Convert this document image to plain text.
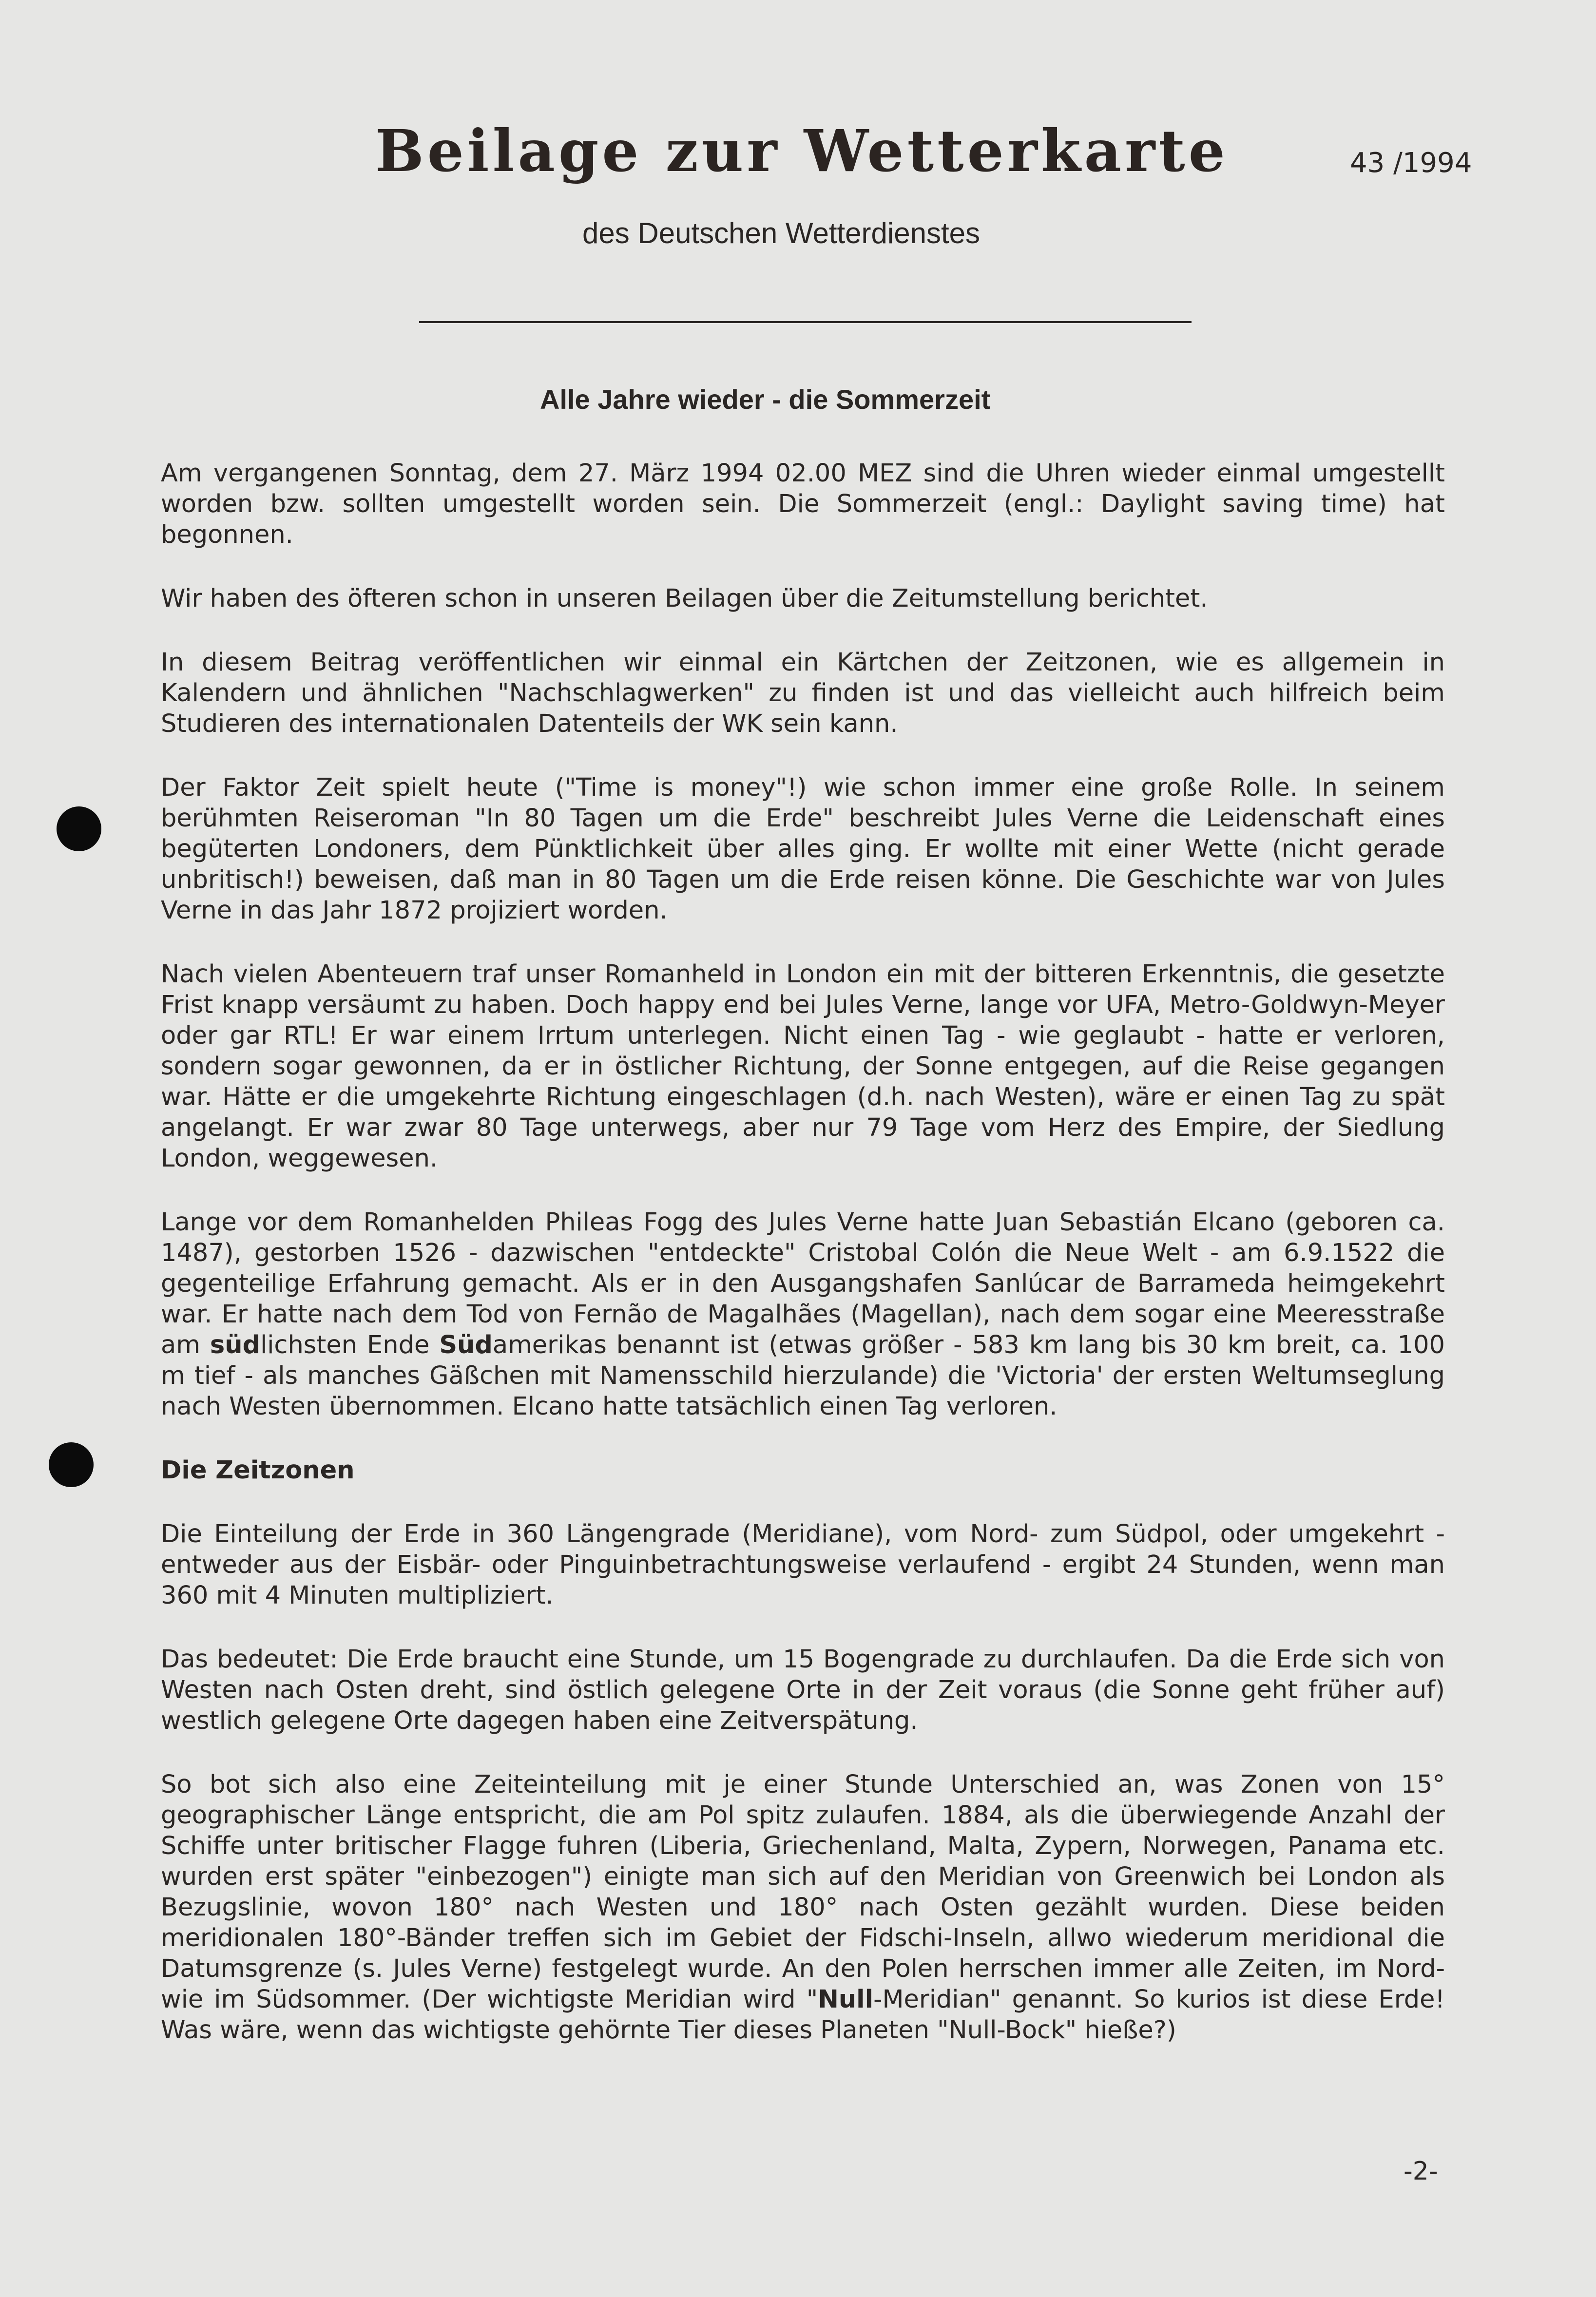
Beilage zur Wetterkarte	43 /1994
des Deutschen Wetterdienstes
Alle Jahre wieder - die Sommerzeit

Am vergangenen Sonntag, dem 27. März 1994 02.00 MEZ sind die Uhren wieder einmal umgestellt worden bzw. sollten umgestellt worden sein. Die Sommerzeit (engl.: Daylight saving time) hat begonnen.

Wir haben des öfteren schon in unseren Beilagen über die Zeitumstellung berichtet.

In diesem Beitrag veröffentlichen wir einmal ein Kärtchen der Zeitzonen, wie es allgemein in Kalendern und ähnlichen "Nachschlagwerken" zu finden ist und das vielleicht auch hilfreich beim Studieren des internationalen Datenteils der WK sein kann.

Der Faktor Zeit spielt heute ("Time is money"!) wie schon immer eine große Rolle. In seinem berühmten Reiseroman "In 80 Tagen um die Erde" beschreibt Jules Verne die Leidenschaft eines begüterten Londoners, dem Pünktlichkeit über alles ging. Er wollte mit einer Wette (nicht gerade unbritisch!) beweisen, daß man in 80 Tagen um die Erde reisen könne. Die Geschichte war von Jules Verne in das Jahr 1872 projiziert worden.

Nach vielen Abenteuern traf unser Romanheld in London ein mit der bitteren Erkenntnis, die gesetzte Frist knapp versäumt zu haben. Doch happy end bei Jules Verne, lange vor UFA, Metro-Goldwyn-Meyer oder gar RTL! Er war einem Irrtum unterlegen. Nicht einen Tag - wie geglaubt - hatte er verloren, sondern sogar gewonnen, da er in östlicher Richtung, der Sonne entgegen, auf die Reise gegangen war. Hätte er die umgekehrte Richtung eingeschlagen (d.h. nach Westen), wäre er einen Tag zu spät angelangt. Er war zwar 80 Tage unterwegs, aber nur 79 Tage vom Herz des Empire, der Siedlung London, weggewesen.

Lange vor dem Romanhelden Phileas Fogg des Jules Verne hatte Juan Sebastián Elcano (geboren ca. 1487), gestorben 1526 - dazwischen "entdeckte" Cristobal Colón die Neue Welt - am 6.9.1522 die gegenteilige Erfahrung gemacht. Als er in den Ausgangshafen Sanlúcar de Barrameda heimgekehrt war. Er hatte nach dem Tod von Fernão de Magalhães (Magellan), nach dem sogar eine Meeresstraße am südlichsten Ende Südamerikas benannt ist (etwas größer - 583 km lang bis 30 km breit, ca. 100 m tief - als manches Gäßchen mit Namensschild hierzulande) die 'Victoria' der ersten Weltumseglung nach Westen übernommen. Elcano hatte tatsächlich einen Tag verloren.

Die Zeitzonen

Die Einteilung der Erde in 360 Längengrade (Meridiane), vom Nord- zum Südpol, oder umgekehrt - entweder aus der Eisbär- oder Pinguinbetrachtungsweise verlaufend - ergibt 24 Stunden, wenn man 360 mit 4 Minuten multipliziert.

Das bedeutet: Die Erde braucht eine Stunde, um 15 Bogengrade zu durchlaufen. Da die Erde sich von Westen nach Osten dreht, sind östlich gelegene Orte in der Zeit voraus (die Sonne geht früher auf) westlich gelegene Orte dagegen haben eine Zeitverspätung.

So bot sich also eine Zeiteinteilung mit je einer Stunde Unterschied an, was Zonen von 15° geographischer Länge entspricht, die am Pol spitz zulaufen. 1884, als die überwiegende Anzahl der Schiffe unter britischer Flagge fuhren (Liberia, Griechenland, Malta, Zypern, Norwegen, Panama etc. wurden erst später "einbezogen") einigte man sich auf den Meridian von Greenwich bei London als Bezugslinie, wovon 180° nach Westen und 180° nach Osten gezählt wurden. Diese beiden meridionalen 180°-Bänder treffen sich im Gebiet der Fidschi-Inseln, allwo wiederum meridional die Datumsgrenze (s. Jules Verne) festgelegt wurde. An den Polen herrschen immer alle Zeiten, im Nord- wie im Südsommer. (Der wichtigste Meridian wird "Null-Meridian" genannt. So kurios ist diese Erde! Was wäre, wenn das wichtigste gehörnte Tier dieses Planeten "Null-Bock" hieße?)

-2-
